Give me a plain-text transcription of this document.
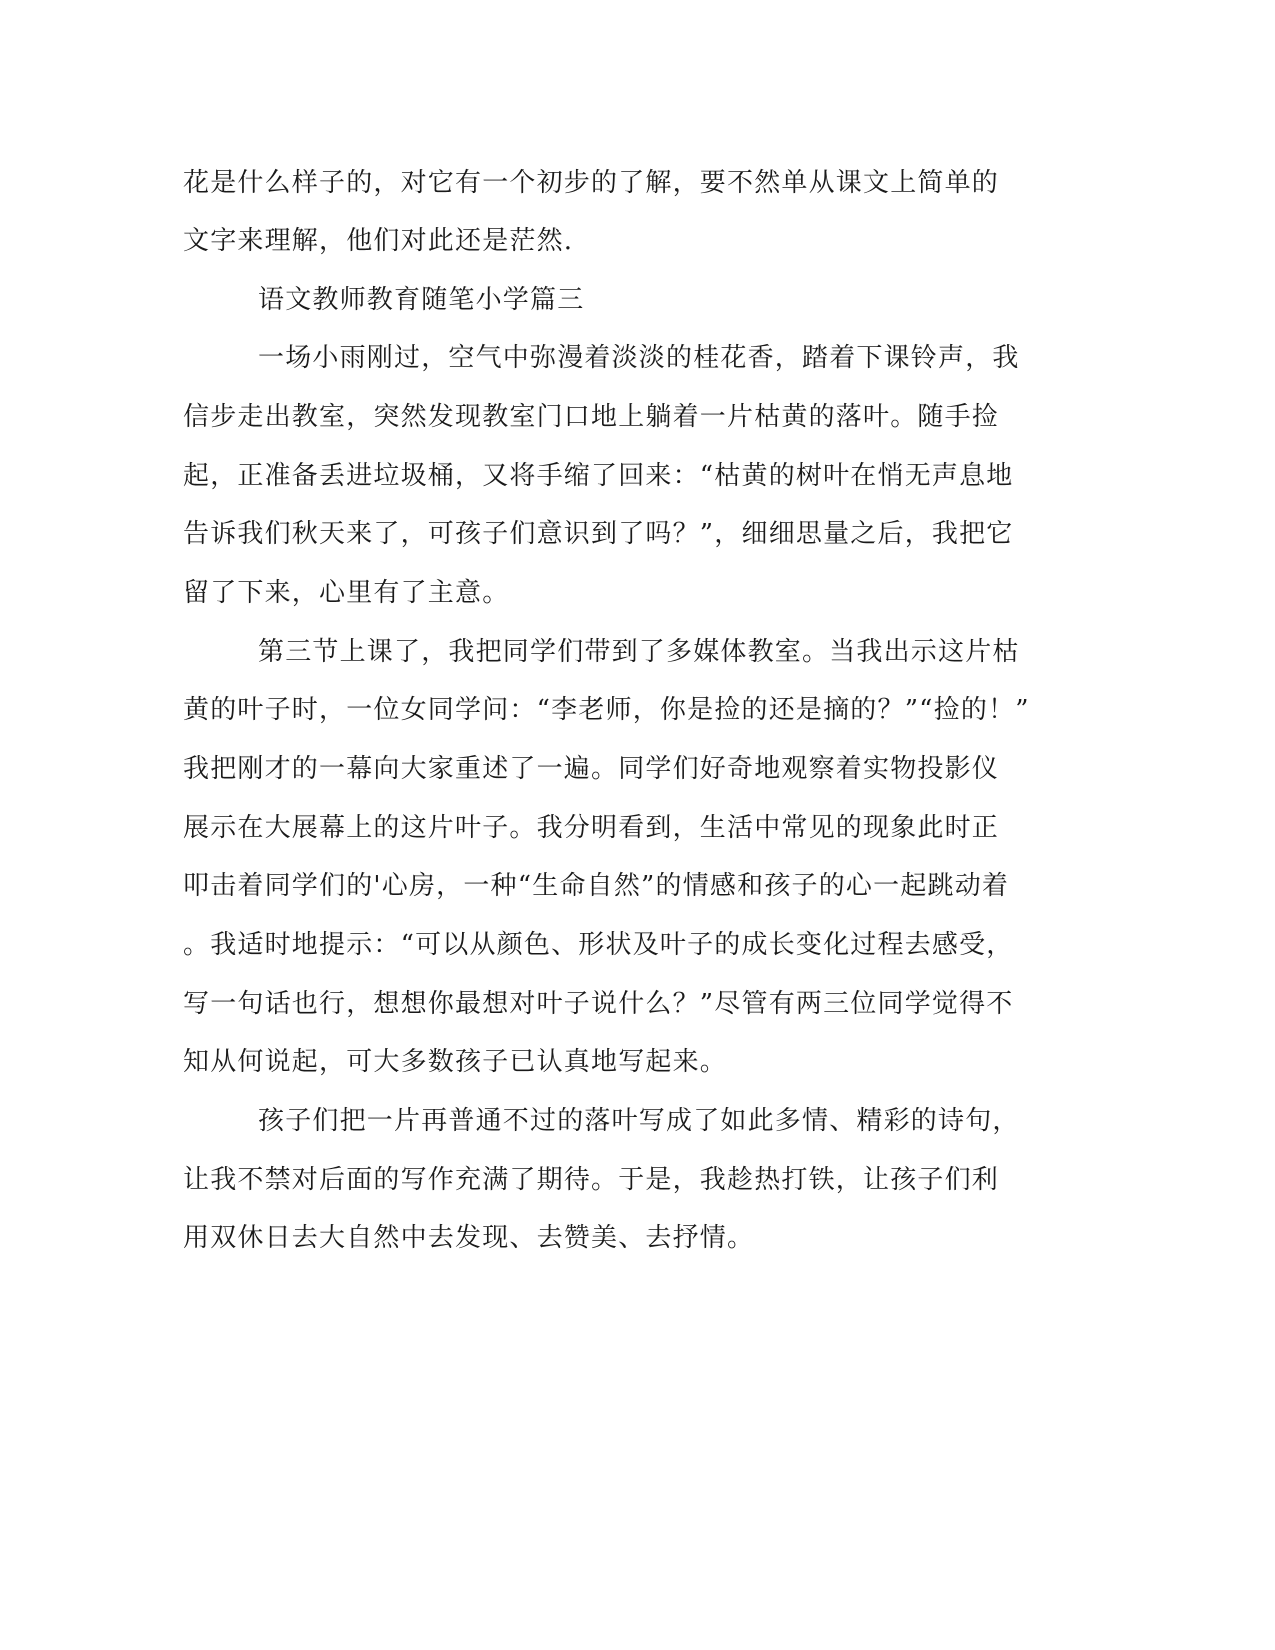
花是什么样子的，对它有一个初步的了解，要不然单从课文上简单的
文字来理解，他们对此还是茫然.
语文教师教育随笔小学篇三
一场小雨刚过，空气中弥漫着淡淡的桂花香，踏着下课铃声，我
信步走出教室，突然发现教室门口地上躺着一片枯黄的落叶。随手捡
起，正准备丢进垃圾桶，又将手缩了回来：“枯黄的树叶在悄无声息地
告诉我们秋天来了，可孩子们意识到了吗？”，细细思量之后，我把它
留了下来，心里有了主意。
第三节上课了，我把同学们带到了多媒体教室。当我出示这片枯
黄的叶子时，一位女同学问：“李老师，你是捡的还是摘的？”“捡的！”
我把刚才的一幕向大家重述了一遍。同学们好奇地观察着实物投影仪
展示在大展幕上的这片叶子。我分明看到，生活中常见的现象此时正
叩击着同学们的'心房，一种“生命自然”的情感和孩子的心一起跳动着
。我适时地提示：“可以从颜色、形状及叶子的成长变化过程去感受，
写一句话也行，想想你最想对叶子说什么？”尽管有两三位同学觉得不
知从何说起，可大多数孩子已认真地写起来。
孩子们把一片再普通不过的落叶写成了如此多情、精彩的诗句，
让我不禁对后面的写作充满了期待。于是，我趁热打铁，让孩子们利
用双休日去大自然中去发现、去赞美、去抒情。
